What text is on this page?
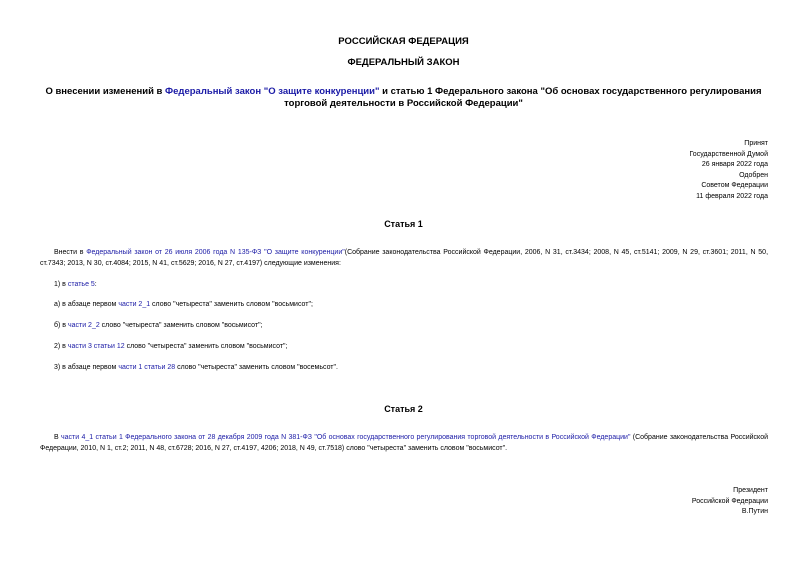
РОССИЙСКАЯ ФЕДЕРАЦИЯ
ФЕДЕРАЛЬНЫЙ ЗАКОН
О внесении изменений в Федеральный закон "О защите конкуренции" и статью 1 Федерального закона "Об основах государственного регулирования торговой деятельности в Российской Федерации"
Принят
Государственной Думой
26 января 2022 года
Одобрен
Советом Федерации
11 февраля 2022 года
Статья 1
Внести в Федеральный закон от 26 июля 2006 года N 135-ФЗ "О защите конкуренции"(Собрание законодательства Российской Федерации, 2006, N 31, ст.3434; 2008, N 45, ст.5141; 2009, N 29, ст.3601; 2011, N 50, ст.7343; 2013, N 30, ст.4084; 2015, N 41, ст.5629; 2016, N 27, ст.4197) следующие изменения:
1) в статье 5:
а) в абзаце первом части 2_1 слово "четыреста" заменить словом "восьмисот";
б) в части 2_2 слово "четыреста" заменить словом "восьмисот";
2) в части 3 статьи 12 слово "четыреста" заменить словом "восьмисот";
3) в абзаце первом части 1 статьи 28 слово "четыреста" заменить словом "восемьсот".
Статья 2
В части 4_1 статьи 1 Федерального закона от 28 декабря 2009 года N 381-ФЗ "Об основах государственного регулирования торговой деятельности в Российской Федерации" (Собрание законодательства Российской Федерации, 2010, N 1, ст.2; 2011, N 48, ст.6728; 2016, N 27, ст.4197, 4206; 2018, N 49, ст.7518) слово "четыреста" заменить словом "восьмисот".
Президент
Российской Федерации
В.Путин
